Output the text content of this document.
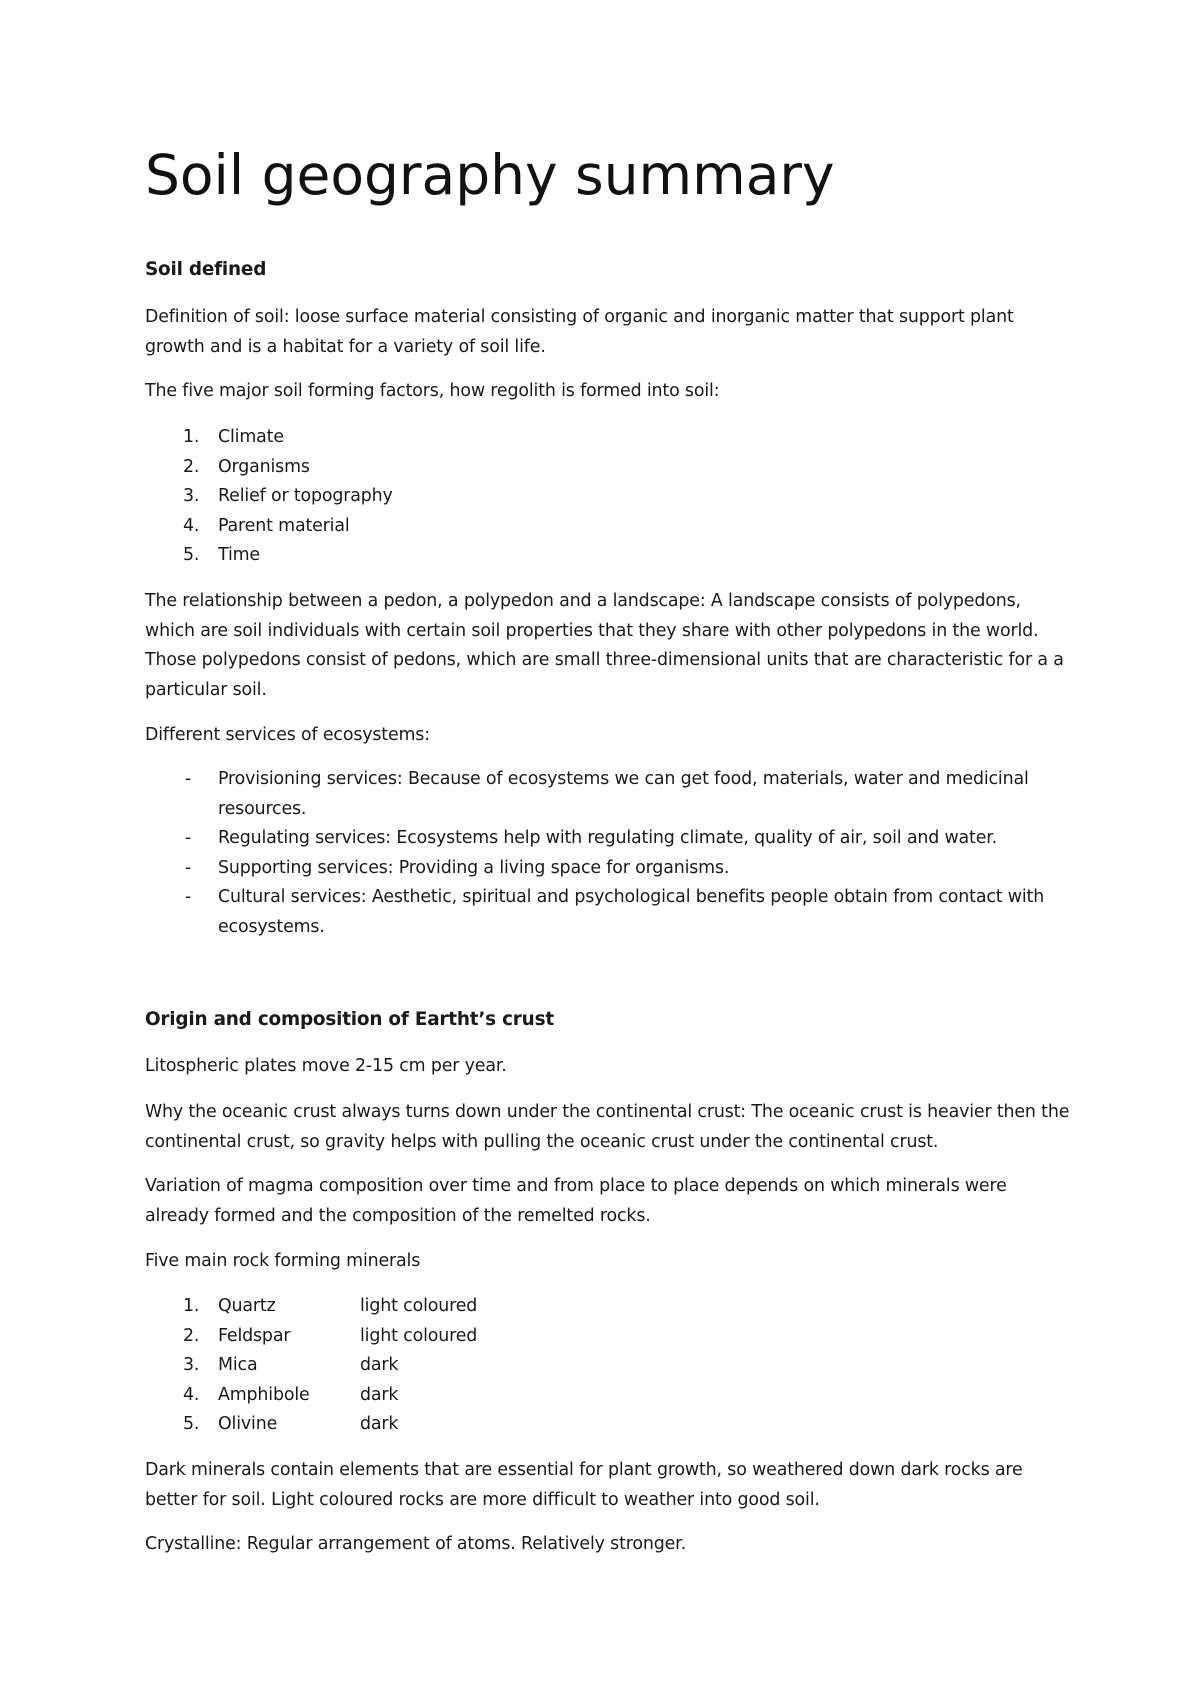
Soil geography summary
Soil defined

Definition of soil: loose surface material consisting of organic and inorganic matter that support plant growth and is a habitat for a variety of soil life.

The five major soil forming factors, how regolith is formed into soil:

1. Climate
2. Organisms
3. Relief or topography
4. Parent material
5. Time

The relationship between a pedon, a polypedon and a landscape: A landscape consists of polypedons, which are soil individuals with certain soil properties that they share with other polypedons in the world. Those polypedons consist of pedons, which are small three-dimensional units that are characteristic for a a particular soil.

Different services of ecosystems:

- Provisioning services: Because of ecosystems we can get food, materials, water and medicinal resources.
- Regulating services: Ecosystems help with regulating climate, quality of air, soil and water.
- Supporting services: Providing a living space for organisms.
- Cultural services: Aesthetic, spiritual and psychological benefits people obtain from contact with ecosystems.
Origin and composition of Eartht’s crust

Litospheric plates move 2-15 cm per year.

Why the oceanic crust always turns down under the continental crust: The oceanic crust is heavier then the continental crust, so gravity helps with pulling the oceanic crust under the continental crust.

Variation of magma composition over time and from place to place depends on which minerals were already formed and the composition of the remelted rocks.

Five main rock forming minerals

1. Quartz	light coloured
2. Feldspar	light coloured
3. Mica	dark
4. Amphibole	dark
5. Olivine	dark

Dark minerals contain elements that are essential for plant growth, so weathered down dark rocks are better for soil. Light coloured rocks are more difficult to weather into good soil.

Crystalline: Regular arrangement of atoms. Relatively stronger.
